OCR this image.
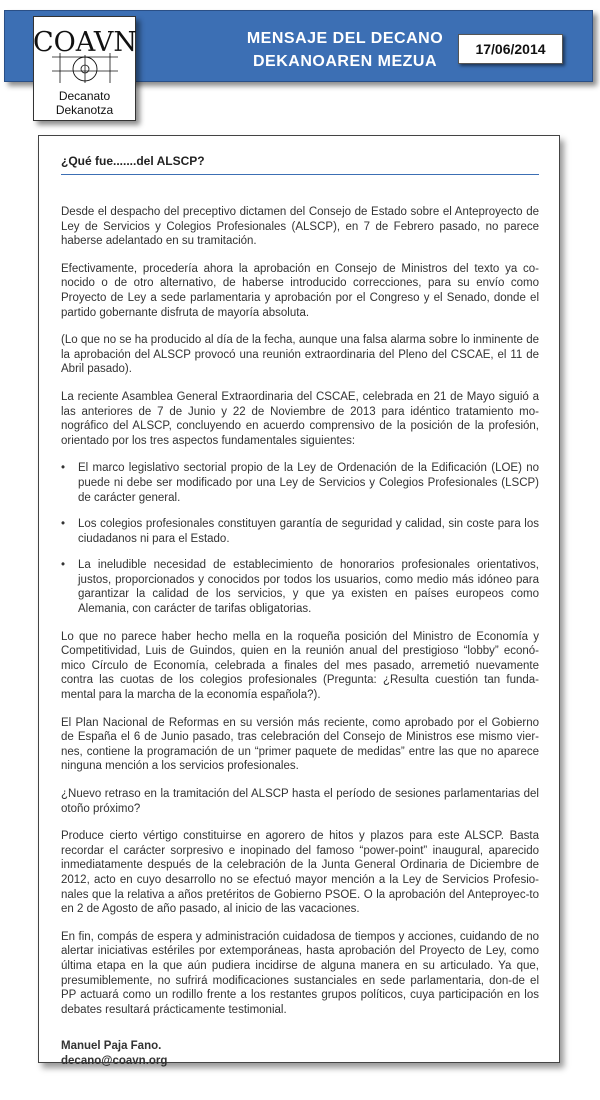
MENSAJE DEL DECANO
DEKANOAREN MEZUA
17/06/2014
COAVN
Decanato
Dekanotza
¿Qué fue.......del ALSCP?

Desde el despacho del preceptivo dictamen del Consejo de Estado sobre el Anteproyecto de Ley de Servicios y Colegios Profesionales (ALSCP), en 7 de Febrero pasado, no parece haberse adelantado en su tramitación.

Efectivamente, procedería ahora la aprobación en Consejo de Ministros del texto ya co-nocido o de otro alternativo, de haberse introducido correcciones, para su envío como Proyecto de Ley a sede parlamentaria y aprobación por el Congreso y el Senado, donde el partido gobernante disfruta de mayoría absoluta.

(Lo que no se ha producido al día de la fecha, aunque una falsa alarma sobre lo inminente de la aprobación del ALSCP provocó una reunión extraordinaria del Pleno del CSCAE, el 11 de Abril pasado).

La reciente Asamblea General Extraordinaria del CSCAE, celebrada en 21 de Mayo siguió a las anteriores de 7 de Junio y 22 de Noviembre de 2013 para idéntico tratamiento mo-nográfico del ALSCP, concluyendo en acuerdo comprensivo de la posición de la profesión, orientado por los tres aspectos fundamentales siguientes:

• El marco legislativo sectorial propio de la Ley de Ordenación de la Edificación (LOE) no puede ni debe ser modificado por una Ley de Servicios y Colegios Profesionales (LSCP) de carácter general.
• Los colegios profesionales constituyen garantía de seguridad y calidad, sin coste para los ciudadanos ni para el Estado.
• La ineludible necesidad de establecimiento de honorarios profesionales orientativos, justos, proporcionados y conocidos por todos los usuarios, como medio más idóneo para garantizar la calidad de los servicios, y que ya existen en países europeos como Alemania, con carácter de tarifas obligatorias.

Lo que no parece haber hecho mella en la roqueña posición del Ministro de Economía y Competitividad, Luis de Guindos, quien en la reunión anual del prestigioso “lobby” econó-mico Círculo de Economía, celebrada a finales del mes pasado, arremetió nuevamente contra las cuotas de los colegios profesionales (Pregunta: ¿Resulta cuestión tan funda-mental para la marcha de la economía española?).

El Plan Nacional de Reformas en su versión más reciente, como aprobado por el Gobierno de España el 6 de Junio pasado, tras celebración del Consejo de Ministros ese mismo vier-nes, contiene la programación de un “primer paquete de medidas” entre las que no aparece ninguna mención a los servicios profesionales.

¿Nuevo retraso en la tramitación del ALSCP hasta el período de sesiones parlamentarias del otoño próximo?

Produce cierto vértigo constituirse en agorero de hitos y plazos para este ALSCP. Basta recordar el carácter sorpresivo e inopinado del famoso “power-point” inaugural, aparecido inmediatamente después de la celebración de la Junta General Ordinaria de Diciembre de 2012, acto en cuyo desarrollo no se efectuó mayor mención a la Ley de Servicios Profesio-nales que la relativa a años pretéritos de Gobierno PSOE. O la aprobación del Anteproyec-to en 2 de Agosto de año pasado, al inicio de las vacaciones.

En fin, compás de espera y administración cuidadosa de tiempos y acciones, cuidando de no alertar iniciativas estériles por extemporáneas, hasta aprobación del Proyecto de Ley, como última etapa en la que aún pudiera incidirse de alguna manera en su articulado. Ya que, presumiblemente, no sufrirá modificaciones sustanciales en sede parlamentaria, don-de el PP actuará como un rodillo frente a los restantes grupos políticos, cuya participación en los debates resultará prácticamente testimonial.

Manuel Paja Fano.
decano@coavn.org
